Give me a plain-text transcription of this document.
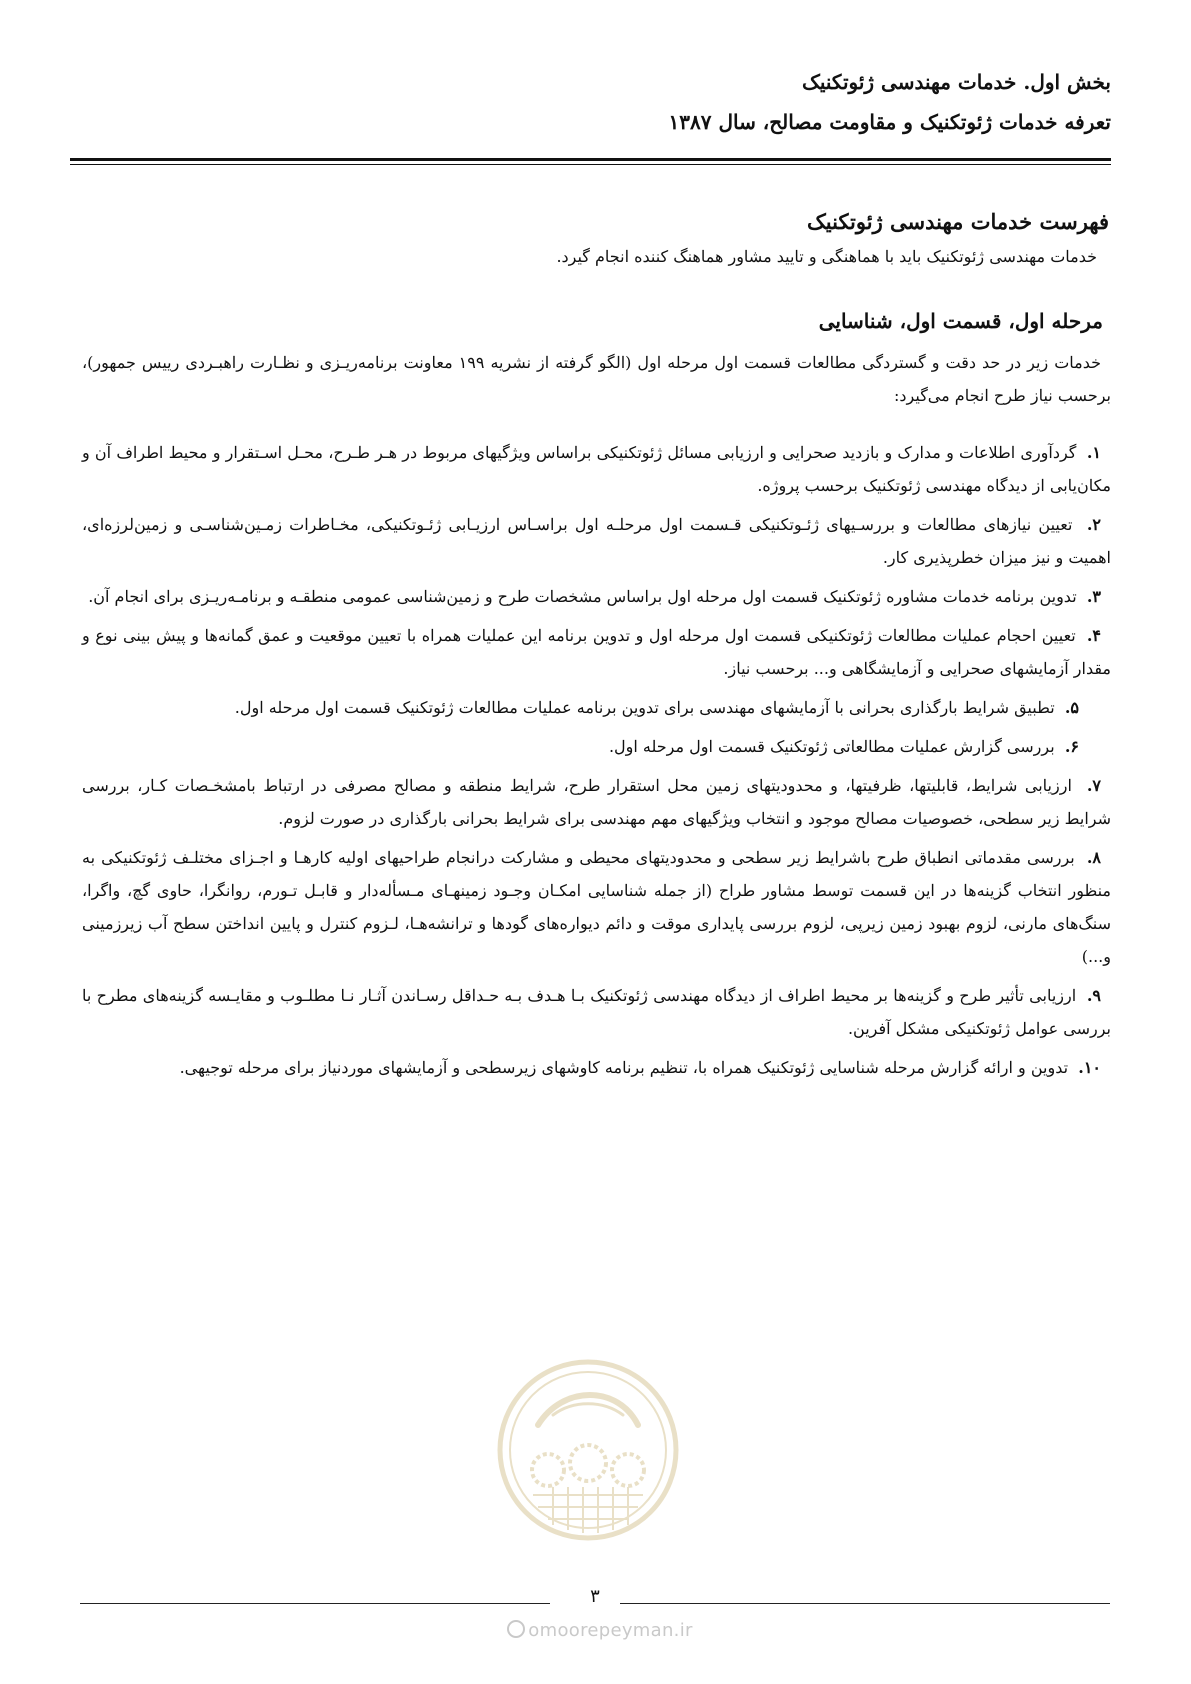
بخش اول. خدمات مهندسی ژئوتکنیک
تعرفه خدمات ژئوتکنیک و مقاومت مصالح، سال ۱۳۸۷
فهرست خدمات مهندسی ژئوتکنیک

خدمات مهندسی ژئوتکنیک باید با هماهنگی و تایید مشاور هماهنگ کننده انجام گیرد.

مرحله اول، قسمت اول، شناسایی

خدمات زیر در حد دقت و گستردگی مطالعات قسمت اول مرحله اول (الگو گرفته از نشریه ۱۹۹ معاونت برنامه‌ریـزی و نظـارت راهبـردی رییس جمهور)، برحسب نیاز طرح انجام می‌گیرد:

۱.  گردآوری اطلاعات و مدارک و بازدید صحرایی و ارزیابی مسائل ژئوتکنیکی براساس ویژگیهای مربوط در هـر طـرح، محـل اسـتقرار و محیط اطراف آن و مکان‌یابی از دیدگاه مهندسی ژئوتکنیک برحسب پروژه.
۲.  تعیین نیازهای مطالعات و بررسـیهای ژئـوتکنیکی قـسمت اول مرحلـه اول براسـاس ارزیـابی ژئـوتکنیکی، مخـاطرات زمـین‌شناسـی و زمین‌لرزه‌ای، اهمیت و نیز میزان خطرپذیری کار.
۳.  تدوین برنامه خدمات مشاوره ژئوتکنیک قسمت اول مرحله اول براساس مشخصات طرح و زمین‌شناسی عمومی منطقـه و برنامـه‌ریـزی برای انجام آن.
۴.  تعیین احجام عملیات مطالعات ژئوتکنیکی قسمت اول مرحله اول و تدوین برنامه این عملیات همراه با تعیین موقعیت و عمق گمانه‌ها و پیش بینی نوع و مقدار آزمایشهای صحرایی و آزمایشگاهی و... برحسب نیاز.
۵.  تطبیق شرایط بارگذاری بحرانی با آزمایشهای مهندسی برای تدوین برنامه عملیات مطالعات ژئوتکنیک قسمت اول مرحله اول.
۶.  بررسی گزارش عملیات مطالعاتی ژئوتکنیک قسمت اول مرحله اول.
۷.  ارزیابی شرایط، قابلیتها، ظرفیتها، و محدودیتهای زمین محل استقرار طرح، شرایط منطقه و مصالح مصرفی در ارتباط بامشخـصات کـار، بررسی شرایط زیر سطحی، خصوصیات مصالح موجود و انتخاب ویژگیهای مهم مهندسی برای شرایط بحرانی بارگذاری در صورت لزوم.
۸.  بررسی مقدماتی انطباق طرح باشرایط زیر سطحی و محدودیتهای محیطی و مشارکت درانجام طراحیهای اولیه کارهـا و اجـزای مختلـف ژئوتکنیکی به منظور انتخاب گزینه‌ها در این قسمت توسط مشاور طراح (از جمله شناسایی امکـان وجـود زمینهـای مـسأله‌دار و قابـل تـورم، روانگرا، حاوی گچ، واگرا، سنگ‌های مارنی، لزوم بهبود زمین زیرپی، لزوم بررسی پایداری موقت و دائم دیواره‌های گودها و ترانشه‌هـا، لـزوم کنترل و پایین انداختن سطح آب زیرزمینی و...)
۹.  ارزیابی تأثیر طرح و گزینه‌ها بر محیط اطراف از دیدگاه مهندسی ژئوتکنیک بـا هـدف بـه حـداقل رسـاندن آثـار نـا مطلـوب و مقایـسه گزینه‌های مطرح با بررسی عوامل ژئوتکنیکی مشکل آفرین.
۱۰.  تدوین و ارائه گزارش مرحله شناسایی ژئوتکنیک همراه با، تنظیم برنامه کاوشهای زیرسطحی و آزمایشهای موردنیاز برای مرحله توجیهی.
۳
omoorepeyman.ir
